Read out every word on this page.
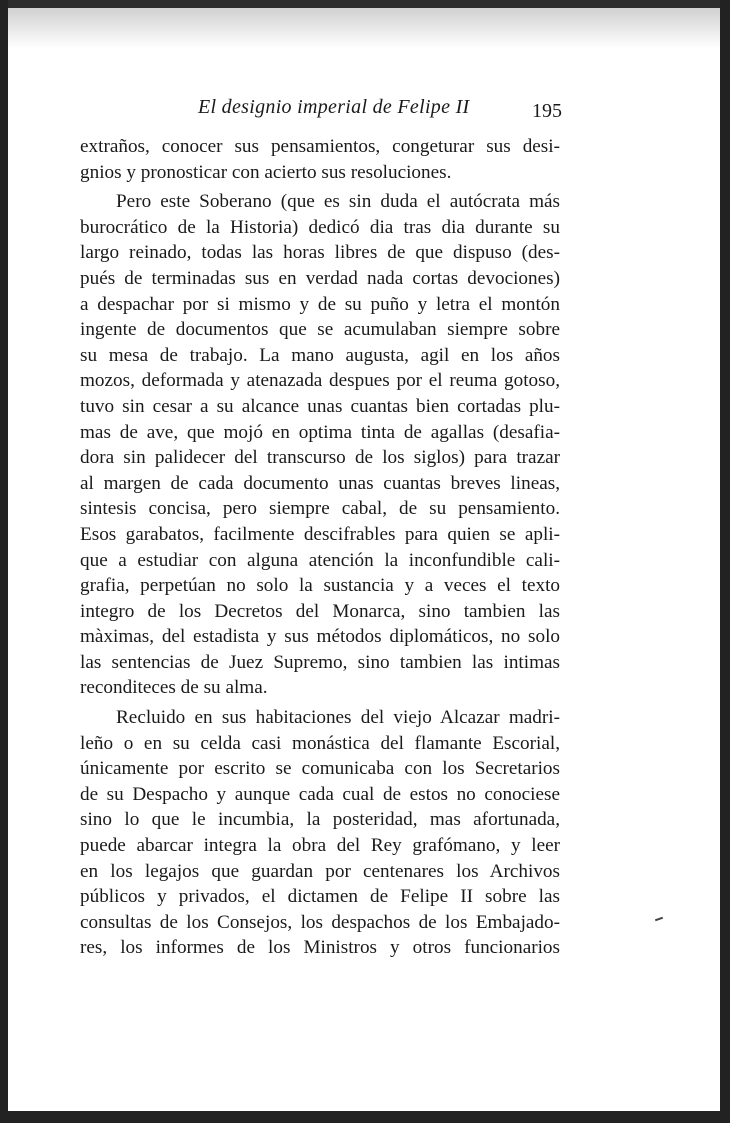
El designio imperial de Felipe II	195

extraños, conocer sus pensamientos, congeturar sus desi-
gnios y pronosticar con acierto sus resoluciones.

Pero este Soberano (que es sin duda el autócrata más
burocrático de la Historia) dedicó dia tras dia durante su
largo reinado, todas las horas libres de que dispuso (des-
pués de terminadas sus en verdad nada cortas devociones)
a despachar por si mismo y de su puño y letra el montón
ingente de documentos que se acumulaban siempre sobre
su mesa de trabajo. La mano augusta, agil en los años
mozos, deformada y atenazada despues por el reuma gotoso,
tuvo sin cesar a su alcance unas cuantas bien cortadas plu-
mas de ave, que mojó en optima tinta de agallas (desafia-
dora sin palidecer del transcurso de los siglos) para trazar
al margen de cada documento unas cuantas breves lineas,
sintesis concisa, pero siempre cabal, de su pensamiento.
Esos garabatos, facilmente descifrables para quien se apli-
que a estudiar con alguna atención la inconfundible cali-
grafia, perpetúan no solo la sustancia y a veces el texto
integro de los Decretos del Monarca, sino tambien las
màximas, del estadista y sus métodos diplomáticos, no solo
las sentencias de Juez Supremo, sino tambien las intimas
reconditeces de su alma.

Recluido en sus habitaciones del viejo Alcazar madri-
leño o en su celda casi monástica del flamante Escorial,
únicamente por escrito se comunicaba con los Secretarios
de su Despacho y aunque cada cual de estos no conociese
sino lo que le incumbia, la posteridad, mas afortunada,
puede abarcar integra la obra del Rey grafómano, y leer
en los legajos que guardan por centenares los Archivos
públicos y privados, el dictamen de Felipe II sobre las
consultas de los Consejos, los despachos de los Embajado-
res, los informes de los Ministros y otros funcionarios
